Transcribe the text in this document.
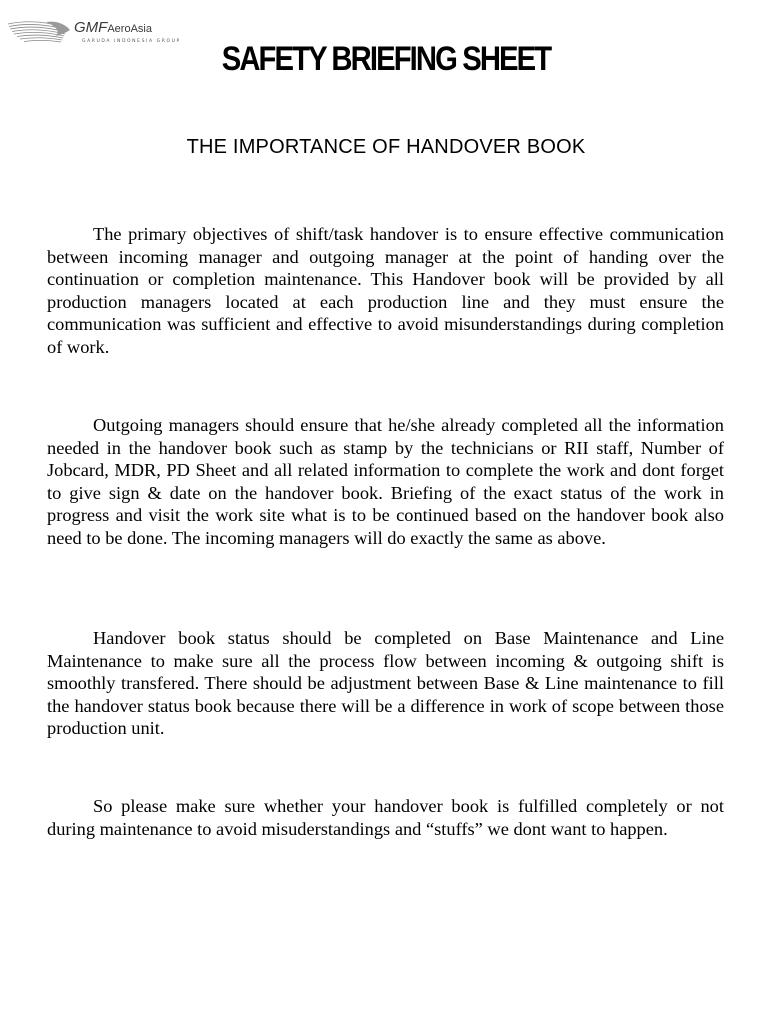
GMFAeroAsia
GARUDA INDONESIA GROUP	SAFETY BRIEFING SHEET
THE IMPORTANCE OF HANDOVER BOOK

The primary objectives of shift/task handover is to ensure effective communication between incoming manager and outgoing manager at the point of handing over the continuation or completion maintenance. This Handover book will be provided by all production managers located at each production line and they must ensure the communication was sufficient and effective to avoid misunderstandings during completion of work.

Outgoing managers should ensure that he/she already completed all the information needed in the handover book such as stamp by the technicians or RII staff, Number of Jobcard, MDR, PD Sheet and all related information to complete the work and dont forget to give sign & date on the handover book. Briefing of the exact status of the work in progress and visit the work site what is to be continued based on the handover book also need to be done. The incoming managers will do exactly the same as above.

Handover book status should be completed on Base Maintenance and Line Maintenance to make sure all the process flow between incoming & outgoing shift is smoothly transfered. There should be adjustment between Base & Line maintenance to fill the handover status book because there will be a difference in work of scope between those production unit.

So please make sure whether your handover book is fulfilled completely or not during maintenance to avoid misuderstandings and “stuffs” we dont want to happen.
